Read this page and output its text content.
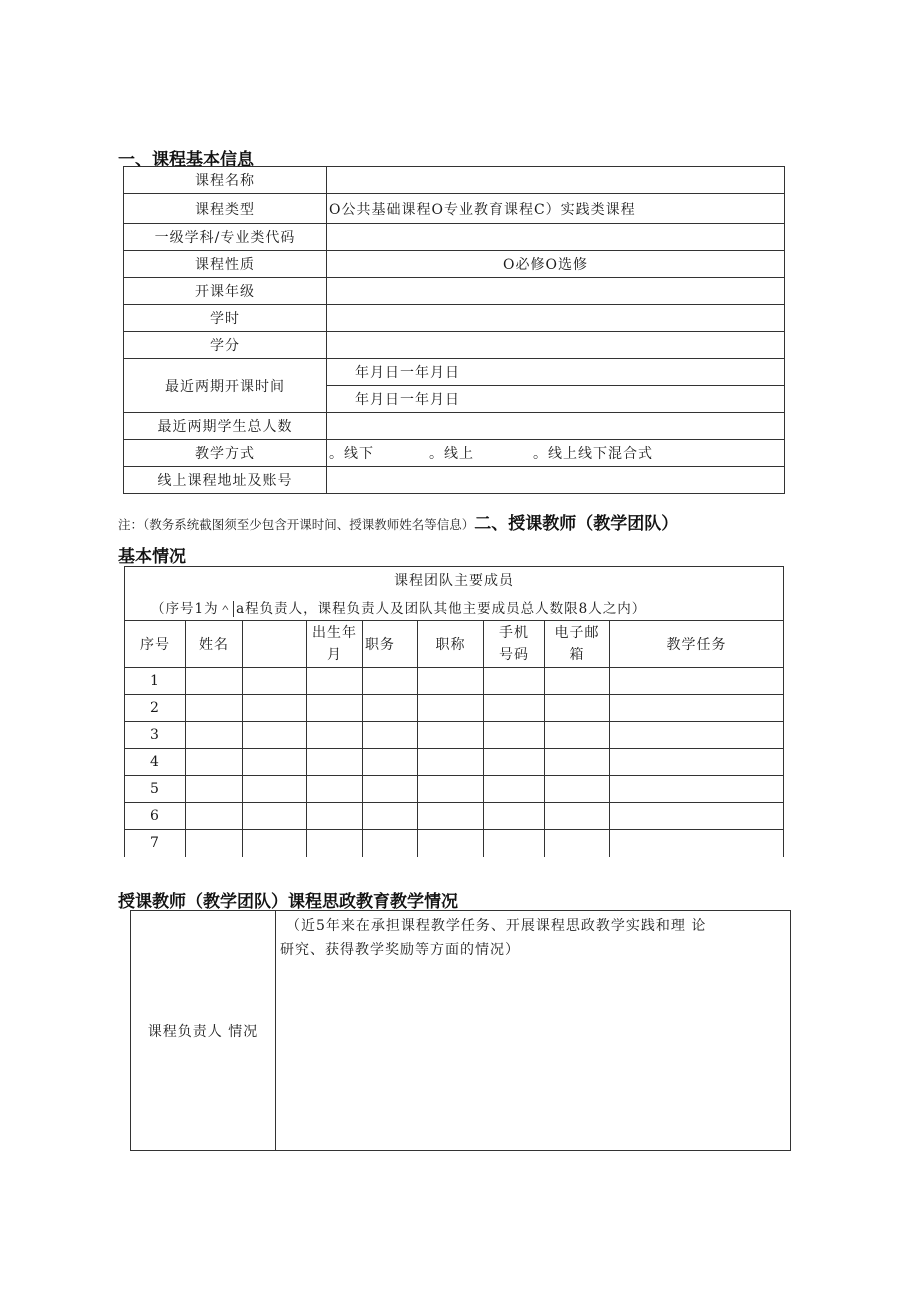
一、课程基本信息
课程名称	
课程类型	O公共基础课程O专业教育课程C）实践类课程
一级学科/专业类代码	
课程性质	O必修O选修
开课年级	
学时	
学分	
最近两期开课时间	年月日一年月日
	年月日一年月日
最近两期学生总人数	
教学方式	。线下 。线上 。线上线下混合式
线上课程地址及账号	
注：（教务系统截图须至少包含开课时间、授课教师姓名等信息）二、授课教师（教学团队）
基本情况
课程团队主要成员								
（序号1为＾ a程负责人，课程负责人及团队其他主要成员总人数限8人之内）								
序号	姓名		出生年月	职务	职称	手机号码	电子邮箱	教学任务
1								
2								
3								
4								
5								
6								
7								
授课教师（教学团队）课程思政教育教学情况
课程负责人 情况	
（近5年来在承担课程教学任务、开展课程思政教学实践和理 论
研究、获得教学奖励等方面的情况）
